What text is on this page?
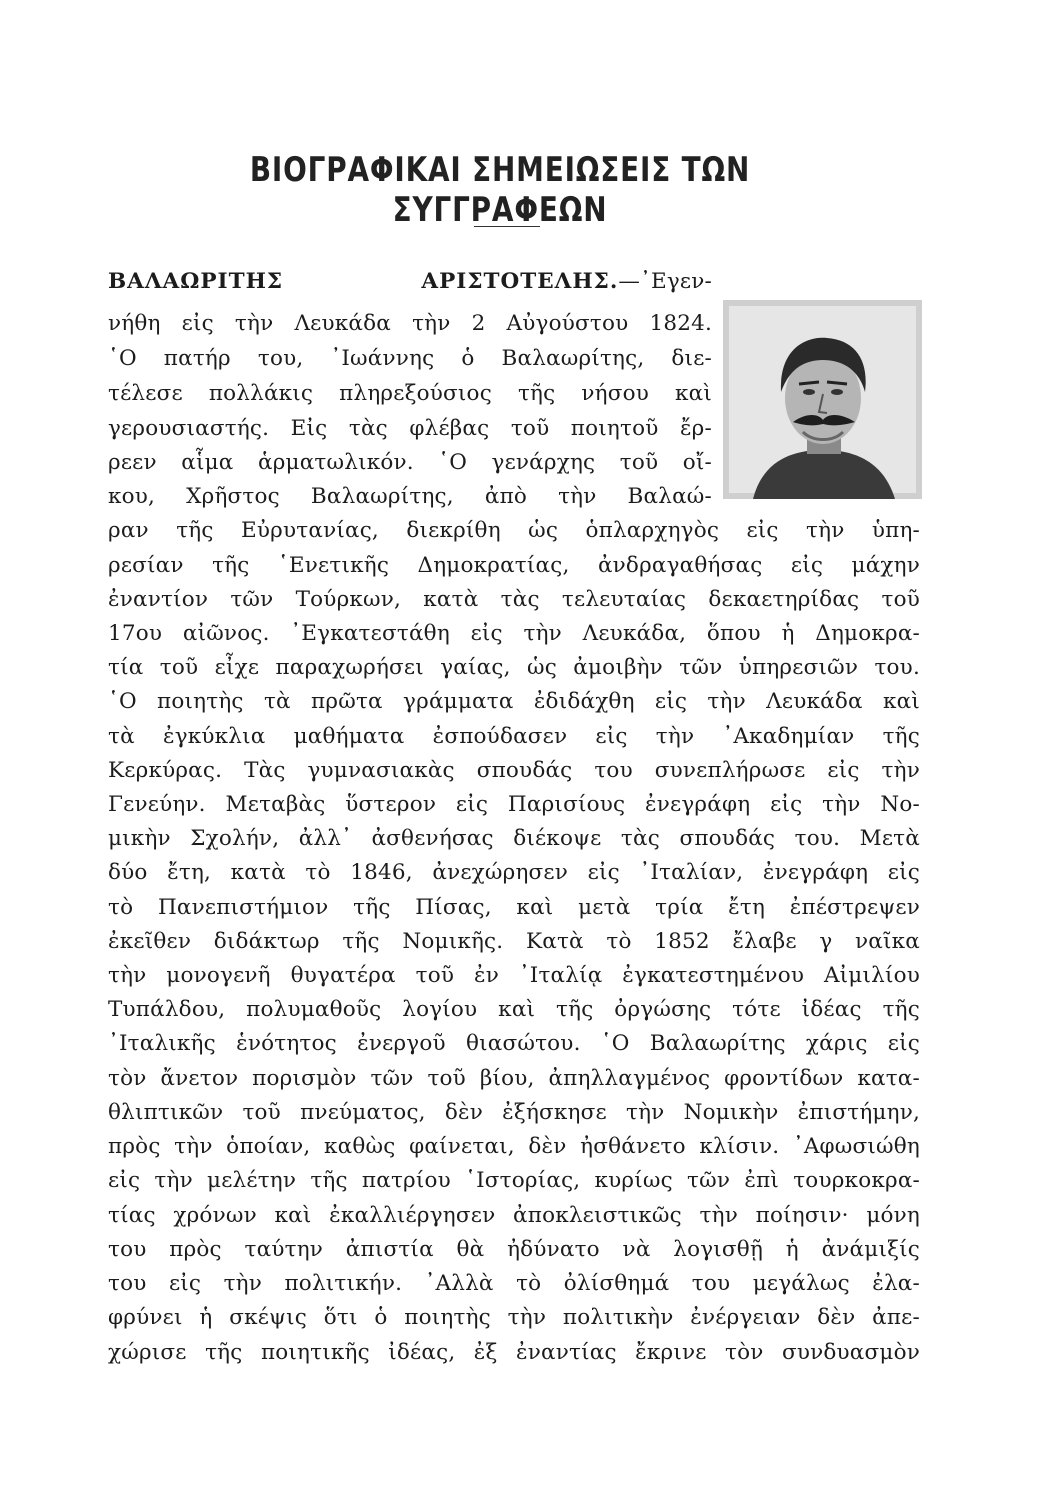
ΒΙΟΓΡΑΦΙΚΑΙ ΣΗΜΕΙΩΣΕΙΣ ΤΩΝ ΣΥΓΓΡΑΦΕΩΝ

ΒΑΛΑΩΡΙΤΗΣ ΑΡΙΣΤΟΤΕΛΗΣ.—᾿Εγεν-

νήθη εἰς τὴν Λευκάδα τὴν 2 Αὐγούστου 1824.

῾Ο πατήρ του, ᾿Ιωάννης ὁ Βαλαωρίτης, διε-

τέλεσε πολλάκις πληρεξούσιος τῆς νήσου καὶ

γερουσιαστής. Εἰς τὰς φλέβας τοῦ ποιητοῦ ἔρ-

ρεεν αἷμα ἁρματωλικόν. ῾Ο γενάρχης τοῦ οἴ-

κου, Χρῆστος Βαλαωρίτης, ἀπὸ τὴν Βαλαώ-

ραν τῆς Εὐρυτανίας, διεκρίθη ὡς ὁπλαρχηγὸς εἰς τὴν ὑπη-

ρεσίαν τῆς ῾Ενετικῆς Δημοκρατίας, ἀνδραγαθήσας εἰς μάχην

ἐναντίον τῶν Τούρκων, κατὰ τὰς τελευταίας δεκαετηρίδας τοῦ

17ου αἰῶνος. ᾿Εγκατεστάθη εἰς τὴν Λευκάδα, ὅπου ἡ Δημοκρα-

τία τοῦ εἶχε παραχωρήσει γαίας, ὡς ἀμοιβὴν τῶν ὑπηρεσιῶν του.

῾Ο ποιητὴς τὰ πρῶτα γράμματα ἐδιδάχθη εἰς τὴν Λευκάδα καὶ

τὰ ἐγκύκλια μαθήματα ἐσπούδασεν εἰς τὴν ᾿Ακαδημίαν τῆς

Κερκύρας. Τὰς γυμνασιακὰς σπουδάς του συνεπλήρωσε εἰς τὴν

Γενεύην. Μεταβὰς ὕστερον εἰς Παρισίους ἐνεγράφη εἰς τὴν Νο-

μικὴν Σχολήν, ἀλλ᾿ ἀσθενήσας διέκοψε τὰς σπουδάς του. Μετὰ

δύο ἔτη, κατὰ τὸ 1846, ἀνεχώρησεν εἰς ᾿Ιταλίαν, ἐνεγράφη εἰς

τὸ Πανεπιστήμιον τῆς Πίσας, καὶ μετὰ τρία ἔτη ἐπέστρεψεν

ἐκεῖθεν διδάκτωρ τῆς Νομικῆς. Κατὰ τὸ 1852 ἔλαβε γ ναῖκα

τὴν μονογενῆ θυγατέρα τοῦ ἐν ᾿Ιταλίᾳ ἐγκατεστημένου Αἰμιλίου

Τυπάλδου, πολυμαθοῦς λογίου καὶ τῆς ὀργώσης τότε ἰδέας τῆς

᾿Ιταλικῆς ἑνότητος ἐνεργοῦ θιασώτου. ῾Ο Βαλαωρίτης χάρις εἰς

τὸν ἄνετον πορισμὸν τῶν τοῦ βίου, ἀπηλλαγμένος φροντίδων κατα-

θλιπτικῶν τοῦ πνεύματος, δὲν ἐξήσκησε τὴν Νομικὴν ἐπιστήμην,

πρὸς τὴν ὁποίαν, καθὼς φαίνεται, δὲν ἠσθάνετο κλίσιν. ᾿Αφωσιώθη

εἰς τὴν μελέτην τῆς πατρίου ῾Ιστορίας, κυρίως τῶν ἐπὶ τουρκοκρα-

τίας χρόνων καὶ ἐκαλλιέργησεν ἀποκλειστικῶς τὴν ποίησιν· μόνη

του πρὸς ταύτην ἀπιστία θὰ ἠδύνατο νὰ λογισθῇ ἡ ἀνάμιξίς

του εἰς τὴν πολιτικήν. ᾿Αλλὰ τὸ ὀλίσθημά του μεγάλως ἐλα-

φρύνει ἡ σκέψις ὅτι ὁ ποιητὴς τὴν πολιτικὴν ἐνέργειαν δὲν ἀπε-

χώρισε τῆς ποιητικῆς ἰδέας, ἐξ ἐναντίας ἔκρινε τὸν συνδυασμὸν
